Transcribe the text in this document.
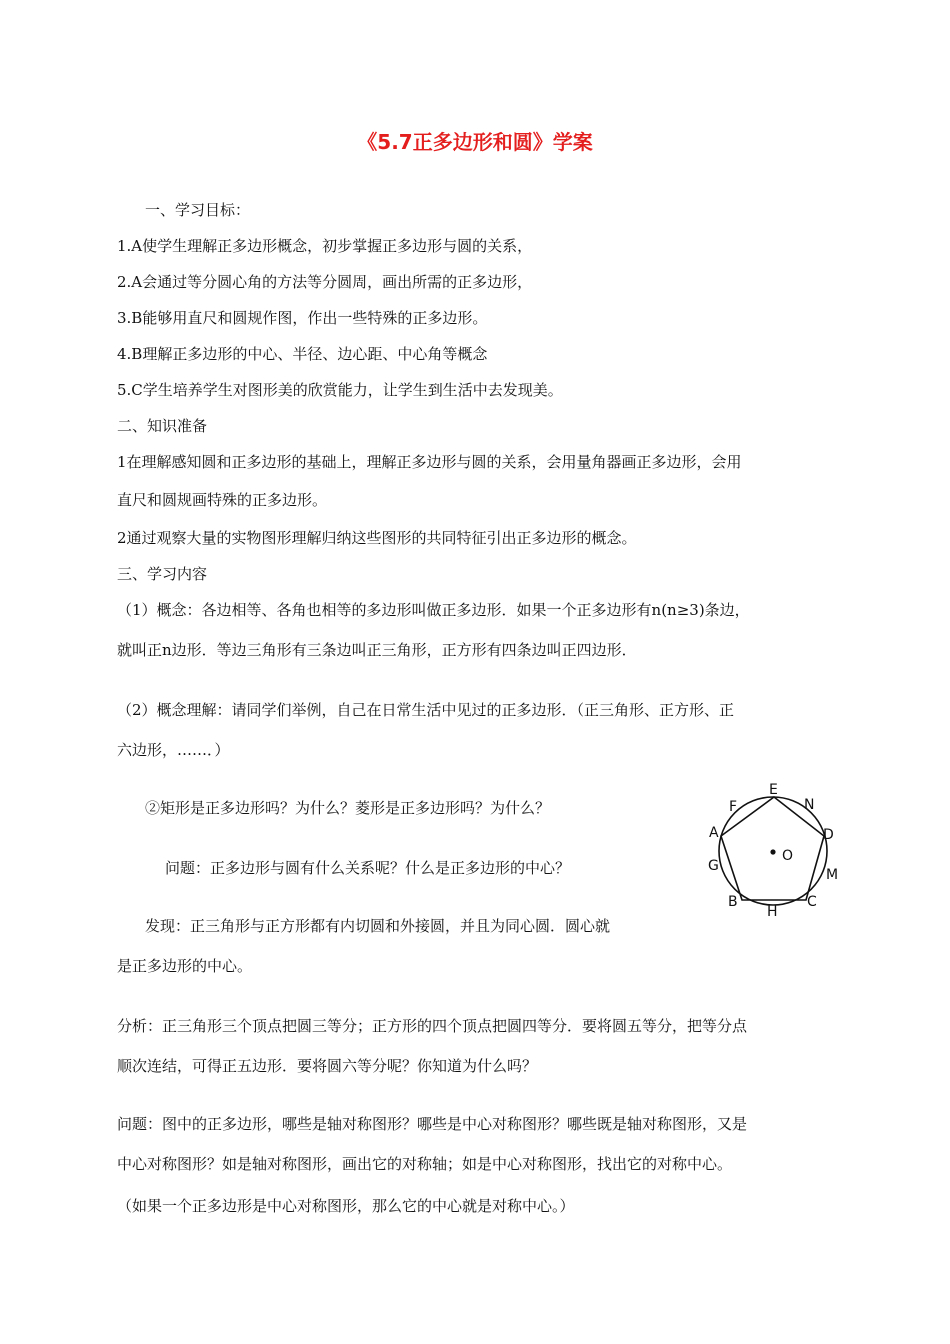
《5.7正多边形和圆》学案
一、学习目标：
1.A使学生理解正多边形概念，初步掌握正多边形与圆的关系，
2.A会通过等分圆心角的方法等分圆周，画出所需的正多边形，
3.B能够用直尺和圆规作图，作出一些特殊的正多边形。
4.B理解正多边形的中心、半径、边心距、中心角等概念
5.C学生培养学生对图形美的欣赏能力，让学生到生活中去发现美。
二、知识准备
1在理解感知圆和正多边形的基础上，理解正多边形与圆的关系，会用量角器画正多边形，会用
直尺和圆规画特殊的正多边形。
2通过观察大量的实物图形理解归纳这些图形的共同特征引出正多边形的概念。
三、学习内容
（1）概念：各边相等、各角也相等的多边形叫做正多边形．如果一个正多边形有n(n≥3)条边，
就叫正n边形．等边三角形有三条边叫正三角形，正方形有四条边叫正四边形．
（2）概念理解：请同学们举例，自己在日常生活中见过的正多边形．（正三角形、正方形、正
六边形，……．）
②矩形是正多边形吗？为什么？菱形是正多边形吗？为什么？
问题：正多边形与圆有什么关系呢？什么是正多边形的中心？
发现：正三角形与正方形都有内切圆和外接圆，并且为同心圆．圆心就
是正多边形的中心。
分析：正三角形三个顶点把圆三等分；正方形的四个顶点把圆四等分．要将圆五等分，把等分点
顺次连结，可得正五边形．要将圆六等分呢？你知道为什么吗？
问题：图中的正多边形，哪些是轴对称图形？哪些是中心对称图形？哪些既是轴对称图形，又是
中心对称图形？如是轴对称图形，画出它的对称轴；如是中心对称图形，找出它的对称中心。
（如果一个正多边形是中心对称图形，那么它的中心就是对称中心。）
E
N
F
A	D
G
O
M
B
H
C
